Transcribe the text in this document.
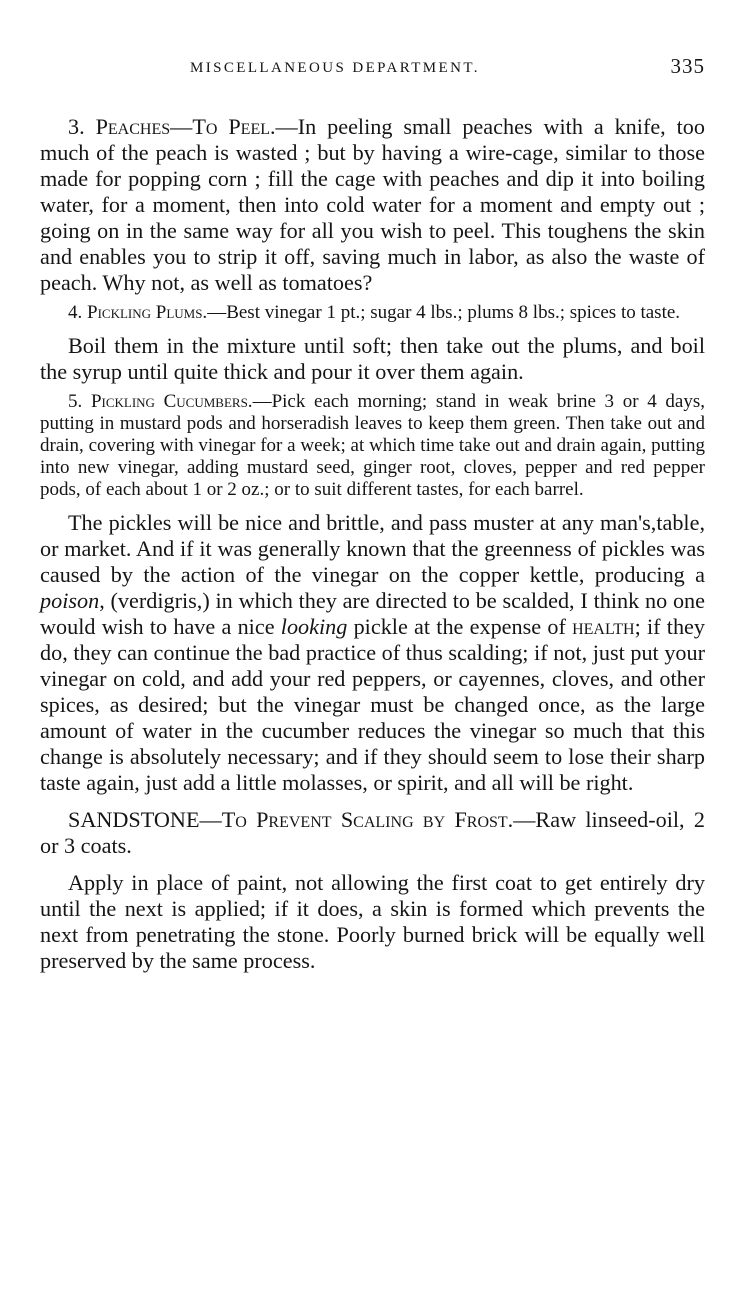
MISCELLANEOUS DEPARTMENT.	335

3. Peaches—To Peel.—In peeling small peaches with a knife, too much of the peach is wasted ; but by having a wire-cage, similar to those made for popping corn ; fill the cage with peaches and dip it into boiling water, for a moment, then into cold water for a moment and empty out ; going on in the same way for all you wish to peel. This toughens the skin and enables you to strip it off, saving much in labor, as also the waste of peach. Why not, as well as tomatoes?

4. Pickling Plums.—Best vinegar 1 pt.; sugar 4 lbs.; plums 8 lbs.; spices to taste.

Boil them in the mixture until soft; then take out the plums, and boil the syrup until quite thick and pour it over them again.

5. Pickling Cucumbers.—Pick each morning; stand in weak brine 3 or 4 days, putting in mustard pods and horseradish leaves to keep them green. Then take out and drain, covering with vinegar for a week; at which time take out and drain again, putting into new vinegar, adding mustard seed, ginger root, cloves, pepper and red pepper pods, of each about 1 or 2 oz.; or to suit different tastes, for each barrel.

The pickles will be nice and brittle, and pass muster at any man's,table, or market. And if it was generally known that the greenness of pickles was caused by the action of the vinegar on the copper kettle, producing a poison, (verdigris,) in which they are directed to be scalded, I think no one would wish to have a nice looking pickle at the expense of health; if they do, they can continue the bad practice of thus scalding; if not, just put your vinegar on cold, and add your red peppers, or cayennes, cloves, and other spices, as desired; but the vinegar must be changed once, as the large amount of water in the cucumber reduces the vinegar so much that this change is absolutely necessary; and if they should seem to lose their sharp taste again, just add a little molasses, or spirit, and all will be right.

SANDSTONE—To Prevent Scaling by Frost.—Raw linseed-oil, 2 or 3 coats.

Apply in place of paint, not allowing the first coat to get entirely dry until the next is applied; if it does, a skin is formed which prevents the next from penetrating the stone. Poorly burned brick will be equally well preserved by the same process.
